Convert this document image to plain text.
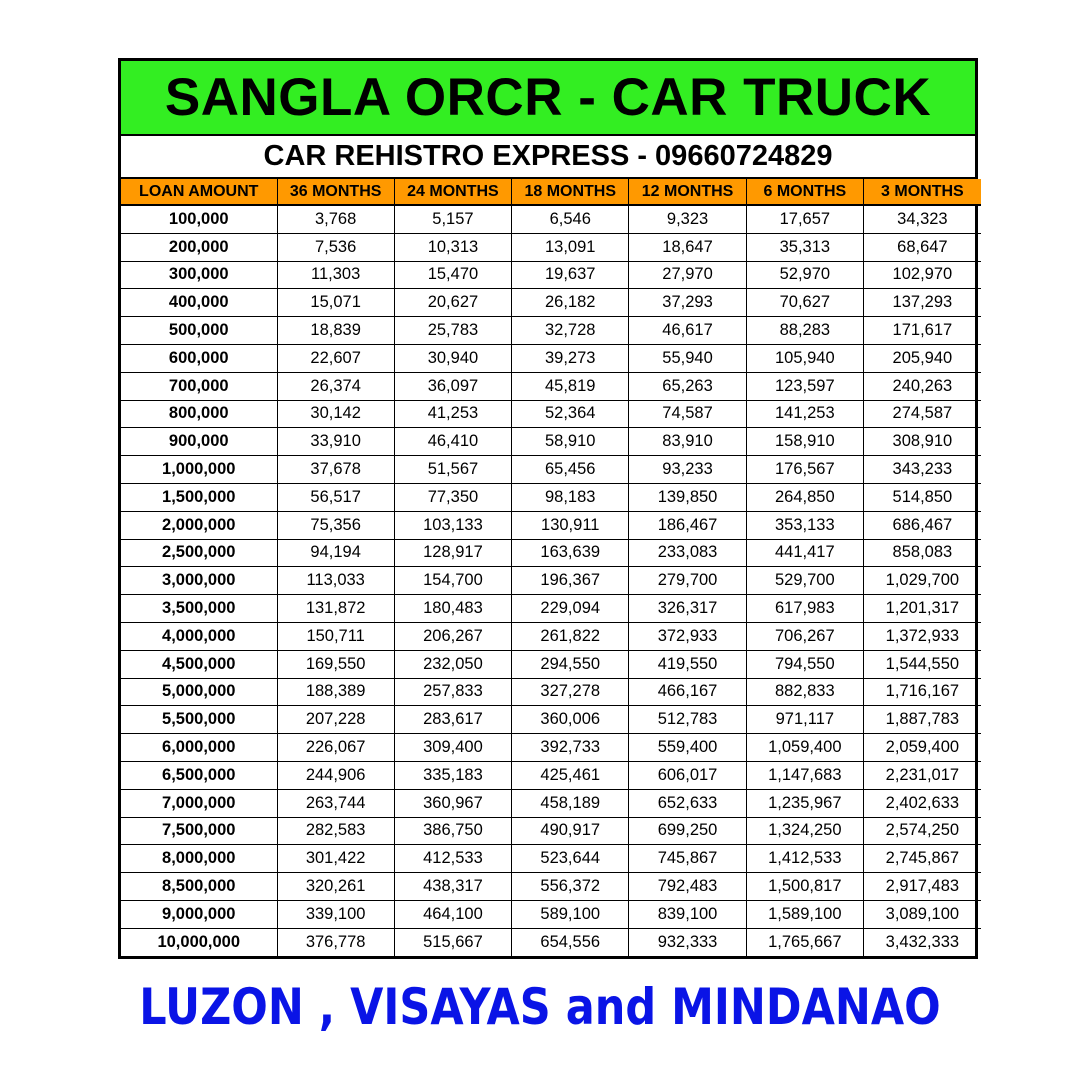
SANGLA ORCR - CAR TRUCK
CAR REHISTRO EXPRESS - 09660724829
LOAN AMOUNT	36 MONTHS	24 MONTHS	18 MONTHS	12 MONTHS	6 MONTHS	3 MONTHS
100,000	3,768	5,157	6,546	9,323	17,657	34,323
200,000	7,536	10,313	13,091	18,647	35,313	68,647
300,000	11,303	15,470	19,637	27,970	52,970	102,970
400,000	15,071	20,627	26,182	37,293	70,627	137,293
500,000	18,839	25,783	32,728	46,617	88,283	171,617
600,000	22,607	30,940	39,273	55,940	105,940	205,940
700,000	26,374	36,097	45,819	65,263	123,597	240,263
800,000	30,142	41,253	52,364	74,587	141,253	274,587
900,000	33,910	46,410	58,910	83,910	158,910	308,910
1,000,000	37,678	51,567	65,456	93,233	176,567	343,233
1,500,000	56,517	77,350	98,183	139,850	264,850	514,850
2,000,000	75,356	103,133	130,911	186,467	353,133	686,467
2,500,000	94,194	128,917	163,639	233,083	441,417	858,083
3,000,000	113,033	154,700	196,367	279,700	529,700	1,029,700
3,500,000	131,872	180,483	229,094	326,317	617,983	1,201,317
4,000,000	150,711	206,267	261,822	372,933	706,267	1,372,933
4,500,000	169,550	232,050	294,550	419,550	794,550	1,544,550
5,000,000	188,389	257,833	327,278	466,167	882,833	1,716,167
5,500,000	207,228	283,617	360,006	512,783	971,117	1,887,783
6,000,000	226,067	309,400	392,733	559,400	1,059,400	2,059,400
6,500,000	244,906	335,183	425,461	606,017	1,147,683	2,231,017
7,000,000	263,744	360,967	458,189	652,633	1,235,967	2,402,633
7,500,000	282,583	386,750	490,917	699,250	1,324,250	2,574,250
8,000,000	301,422	412,533	523,644	745,867	1,412,533	2,745,867
8,500,000	320,261	438,317	556,372	792,483	1,500,817	2,917,483
9,000,000	339,100	464,100	589,100	839,100	1,589,100	3,089,100
10,000,000	376,778	515,667	654,556	932,333	1,765,667	3,432,333
LUZON , VISAYAS and MINDANAO
